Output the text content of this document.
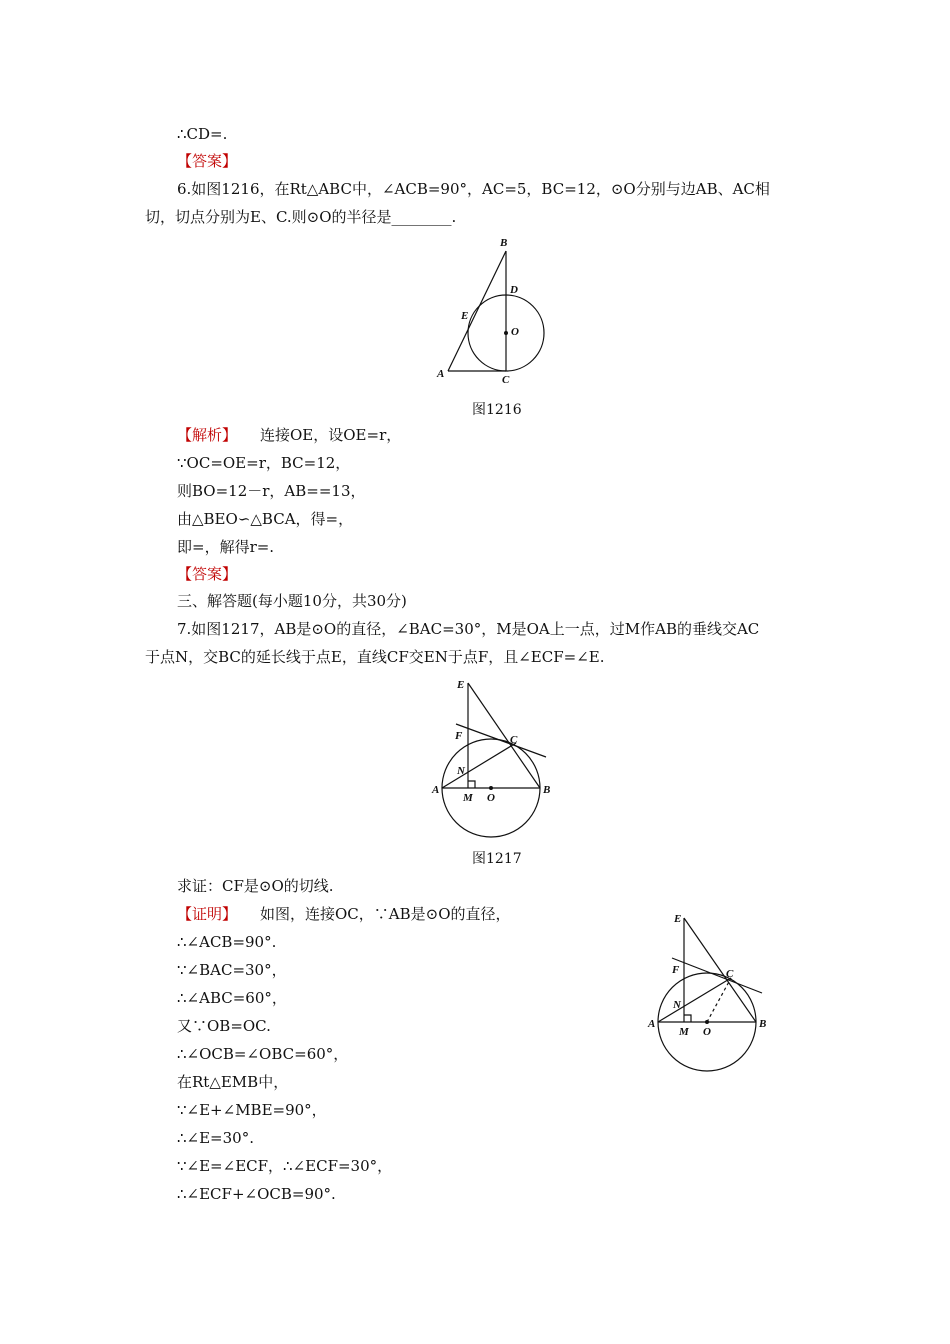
∴CD=.
【答案】
6.如图1216，在Rt△ABC中，∠ACB=90°，AC=5，BC=12，⊙O分别与边AB、AC相
切，切点分别为E、C.则⊙O的半径是________.
B
D
E
O
A	C
图1216
【解析】 连接OE，设OE=r，
∵OC=OE=r，BC=12，
则BO=12－r，AB==13，
由△BEO∽△BCA，得=，
即=，解得r=.
【答案】
三、解答题(每小题10分，共30分)
7.如图1217，AB是⊙O的直径，∠BAC=30°，M是OA上一点，过M作AB的垂线交AC
于点N，交BC的延长线于点E，直线CF交EN于点F，且∠ECF=∠E.
E
F	C
N
A
M O
B
图1217
求证：CF是⊙O的切线.
【证明】 如图，连接OC，∵AB是⊙O的直径，
∴∠ACB=90°.
∵∠BAC=30°，
∴∠ABC=60°，
又∵OB=OC.
∴∠OCB=∠OBC=60°，
在Rt△EMB中，
∵∠E+∠MBE=90°，
∴∠E=30°.
∵∠E=∠ECF，∴∠ECF=30°，
∴∠ECF+∠OCB=90°.
E
F	C
N
A
M O
B
